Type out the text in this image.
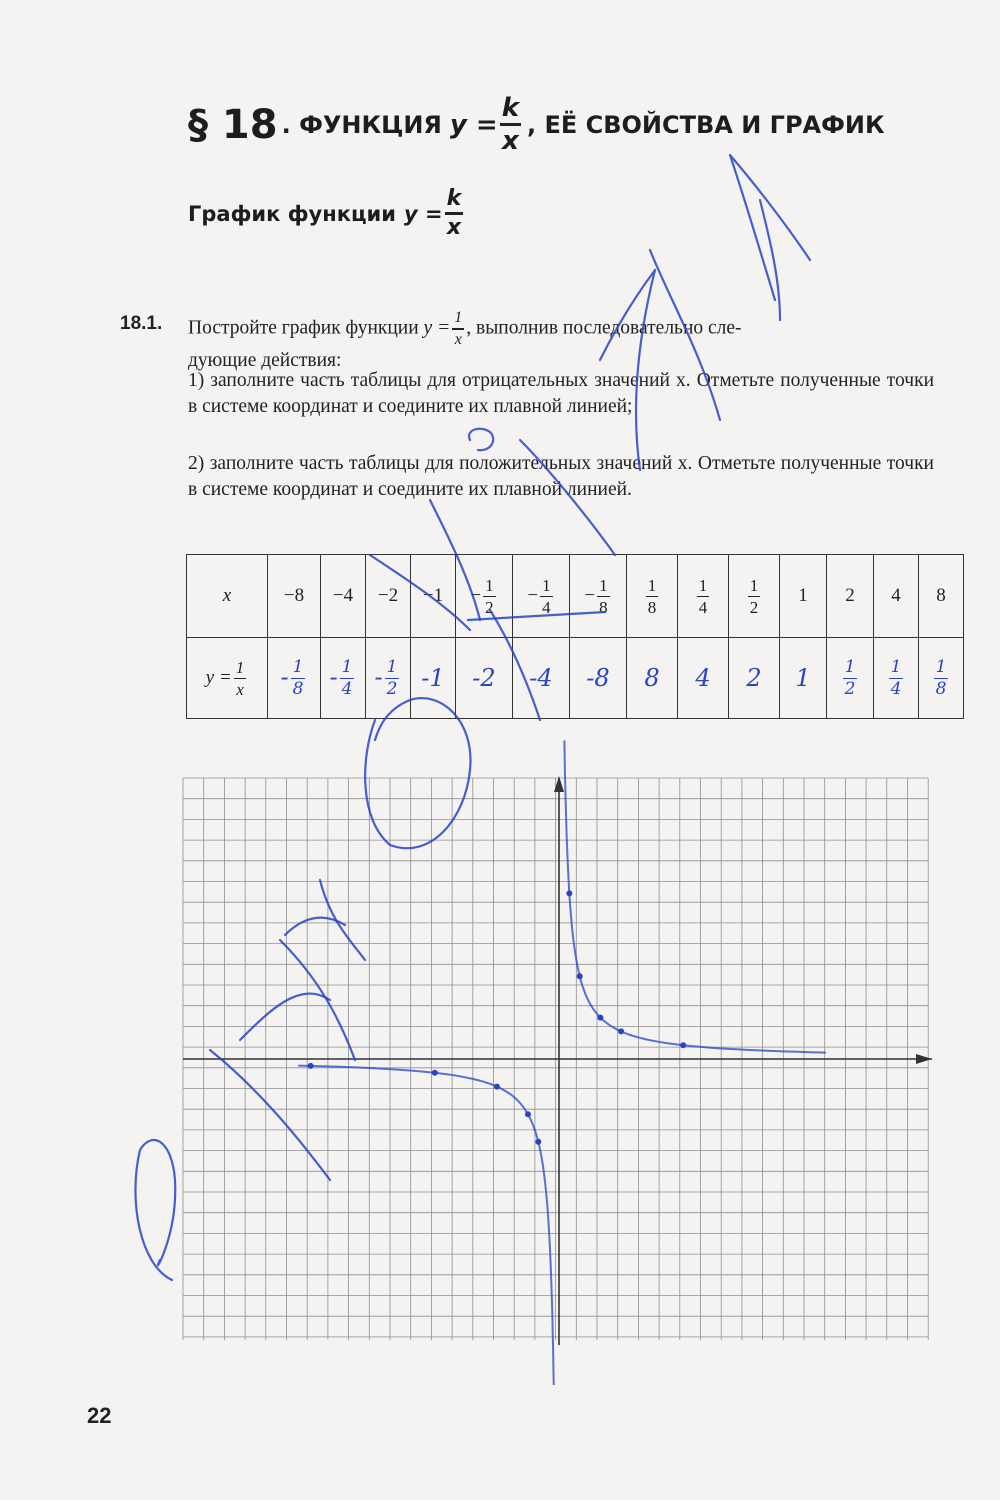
§ 18 . ФУНКЦИЯ $y = \frac{k}{x}$ , ЕЁ СВОЙСТВА И ГРАФИК
График функции $y = \frac{k}{x}$
18.1. Постройте график функции $y = \frac{1}{x}$ , выполнив последовательно сле-
дующие действия:
1) заполните часть таблицы для отрицательных значений x. Отметьте полученные точки в системе координат и соедините их плавной линией;
2) заполните часть таблицы для положительных значений x. Отметьте полученные точки в системе координат и соедините их плавной линией.
x	−8	−4	−2	−1	− $\frac{1}{2}$	− $\frac{1}{4}$	− $\frac{1}{8}$	$\frac{1}{8}$	$\frac{1}{4}$	$\frac{1}{2}$	1	2	4	8
$y = \frac{1}{x}$	- $\frac{1}{8}$	- $\frac{1}{4}$	- $\frac{1}{2}$	-1	-2	-4	-8	8	4	2	1	$\frac{1}{2}$	$\frac{1}{4}$	$\frac{1}{8}$
22
